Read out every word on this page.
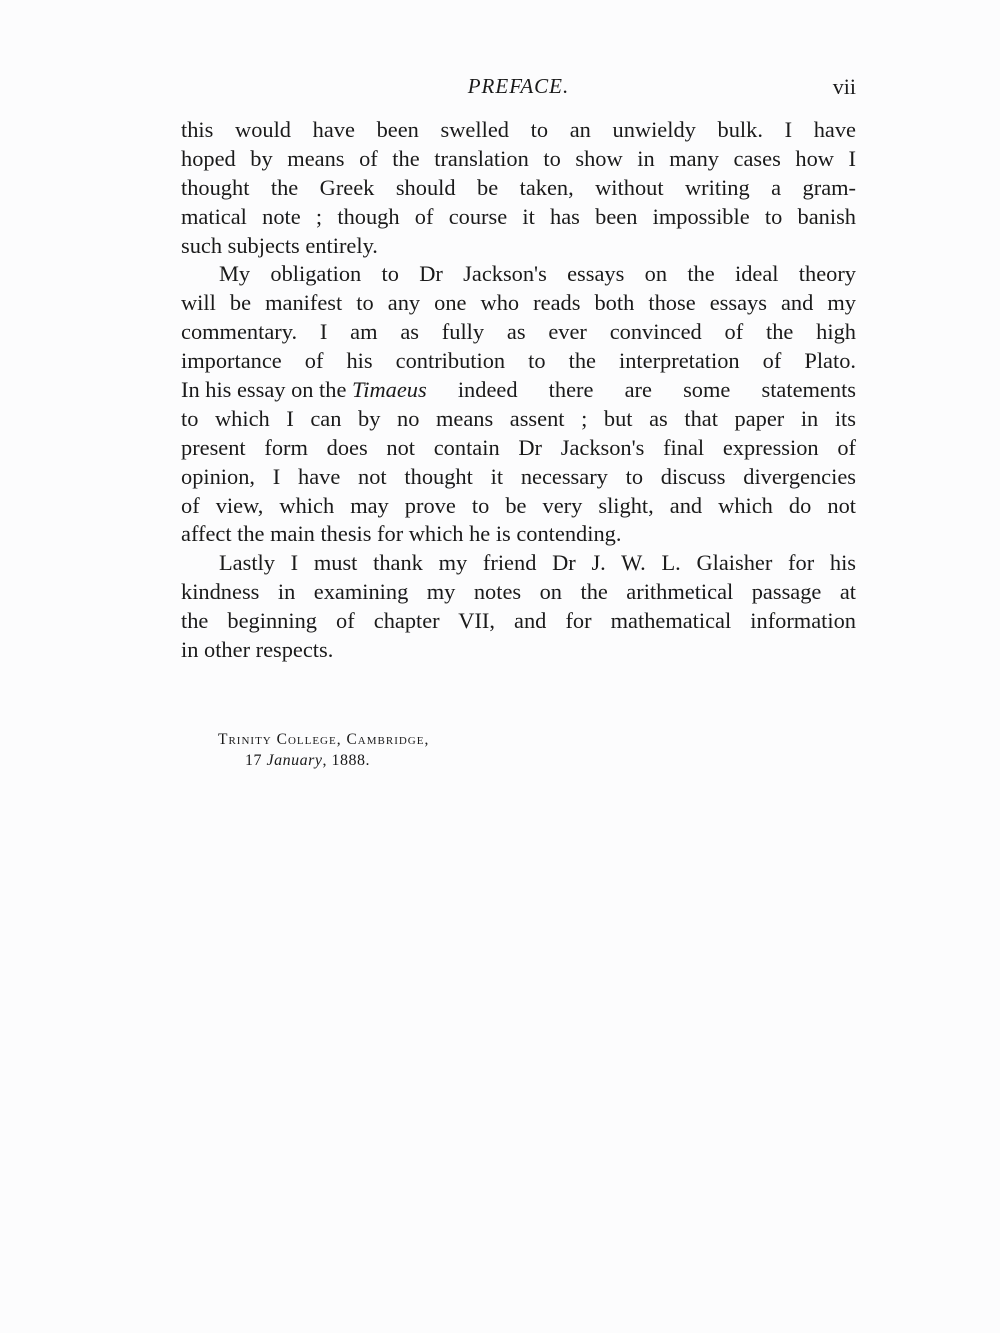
PREFACE.	vii
this would have been swelled to an unwieldy bulk. I have
hoped by means of the translation to show in many cases how I
thought the Greek should be taken, without writing a gram-
matical note ; though of course it has been impossible to banish
such subjects entirely.
My obligation to Dr Jackson's essays on the ideal theory
will be manifest to any one who reads both those essays and my
commentary. I am as fully as ever convinced of the high
importance of his contribution to the interpretation of Plato.
In his essay on the Timaeus indeed there are some statements
to which I can by no means assent ; but as that paper in its
present form does not contain Dr Jackson's final expression of
opinion, I have not thought it necessary to discuss divergencies
of view, which may prove to be very slight, and which do not
affect the main thesis for which he is contending.
Lastly I must thank my friend Dr J. W. L. Glaisher for his
kindness in examining my notes on the arithmetical passage at
the beginning of chapter VII, and for mathematical information
in other respects.
Trinity College, Cambridge,
17 January, 1888.
